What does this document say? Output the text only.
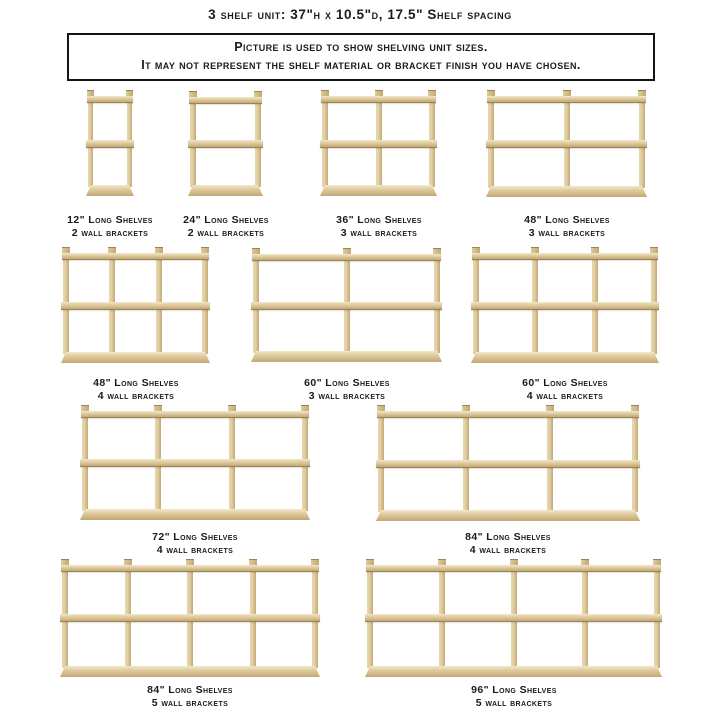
3 shelf unit: 37"h x 10.5"d, 17.5" Shelf spacing
Picture is used to show shelving unit sizes.
It may not represent the shelf material or bracket finish you have chosen.
12" Long Shelves
2 wall brackets
24" Long Shelves
2 wall brackets
36" Long Shelves
3 wall brackets
48" Long Shelves
3 wall brackets
48" Long Shelves
4 wall brackets
60" Long Shelves
3 wall brackets
60" Long Shelves
4 wall brackets
72" Long Shelves
4 wall brackets
84" Long Shelves
4 wall brackets
84" Long Shelves
5 wall brackets
96" Long Shelves
5 wall brackets
